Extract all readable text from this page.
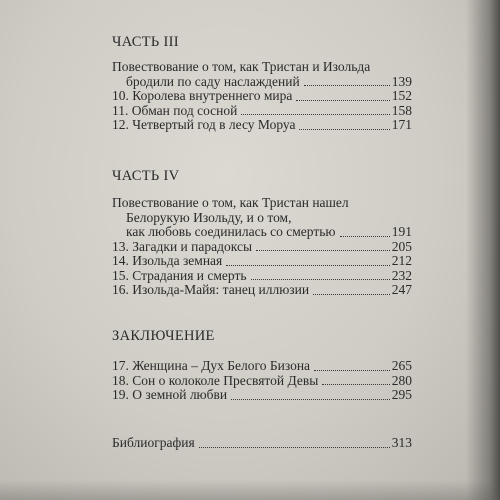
ЧАСТЬ III
Повествование о том, как Тристан и Изольда
бродили по саду наслаждений	139
10. Королева внутреннего мира	152
11. Обман под сосной	158
12. Четвертый год в лесу Моруа	171
ЧАСТЬ IV
Повествование о том, как Тристан нашел
Белорукую Изольду, и о том,
как любовь соединилась со смертью	191
13. Загадки и парадоксы	205
14. Изольда земная	212
15. Страдания и смерть	232
16. Изольда-Майя: танец иллюзии	247
ЗАКЛЮЧЕНИЕ
17. Женщина – Дух Белого Бизона	265
18. Сон о колоколе Пресвятой Девы	280
19. О земной любви	295
Библиография	313
